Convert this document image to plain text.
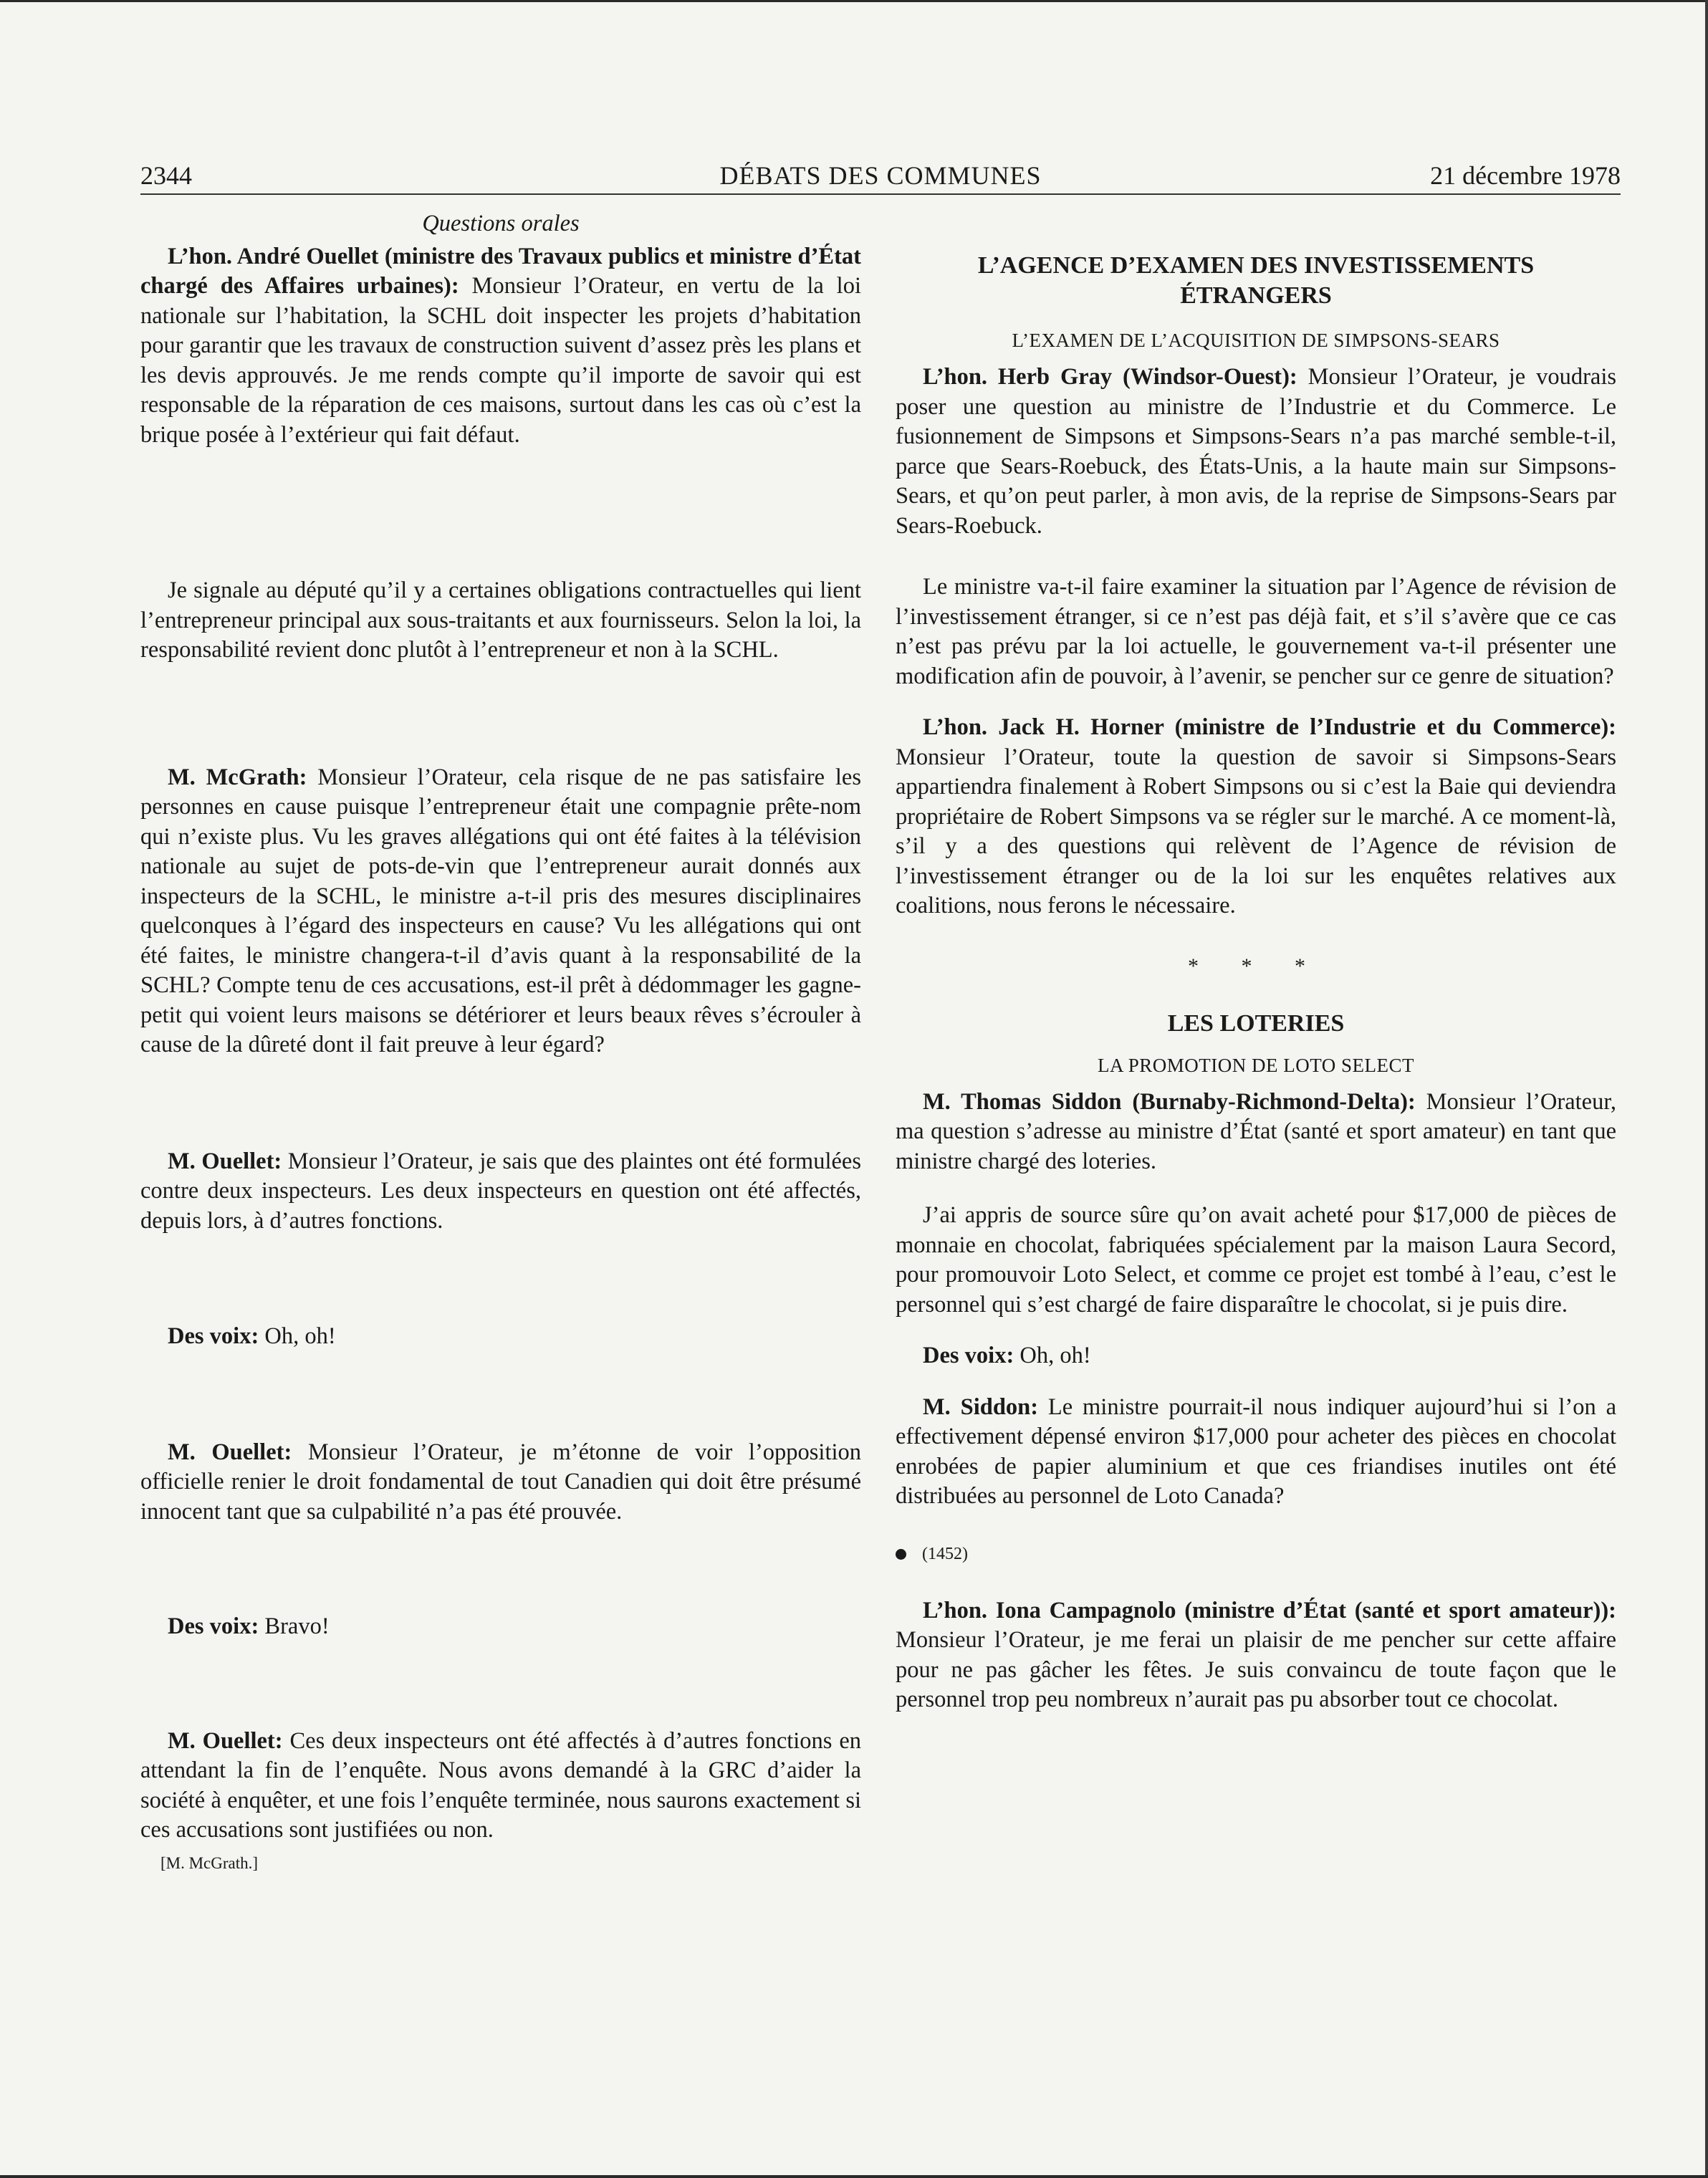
2344	DÉBATS DES COMMUNES	21 décembre 1978
Questions orales

L’hon. André Ouellet (ministre des Travaux publics et ministre d’État chargé des Affaires urbaines): Monsieur l’Orateur, en vertu de la loi nationale sur l’habitation, la SCHL doit inspecter les projets d’habitation pour garantir que les travaux de construction suivent d’assez près les plans et les devis approuvés. Je me rends compte qu’il importe de savoir qui est responsable de la réparation de ces maisons, surtout dans les cas où c’est la brique posée à l’extérieur qui fait défaut.

Je signale au député qu’il y a certaines obligations contractuelles qui lient l’entrepreneur principal aux sous-traitants et aux fournisseurs. Selon la loi, la responsabilité revient donc plutôt à l’entrepreneur et non à la SCHL.

M. McGrath: Monsieur l’Orateur, cela risque de ne pas satisfaire les personnes en cause puisque l’entrepreneur était une compagnie prête-nom qui n’existe plus. Vu les graves allégations qui ont été faites à la télévision nationale au sujet de pots-de-vin que l’entrepreneur aurait donnés aux inspecteurs de la SCHL, le ministre a-t-il pris des mesures disciplinaires quelconques à l’égard des inspecteurs en cause? Vu les allégations qui ont été faites, le ministre changera-t-il d’avis quant à la responsabilité de la SCHL? Compte tenu de ces accusations, est-il prêt à dédommager les gagne-petit qui voient leurs maisons se détériorer et leurs beaux rêves s’écrouler à cause de la dûreté dont il fait preuve à leur égard?

M. Ouellet: Monsieur l’Orateur, je sais que des plaintes ont été formulées contre deux inspecteurs. Les deux inspecteurs en question ont été affectés, depuis lors, à d’autres fonctions.

Des voix: Oh, oh!

M. Ouellet: Monsieur l’Orateur, je m’étonne de voir l’opposition officielle renier le droit fondamental de tout Canadien qui doit être présumé innocent tant que sa culpabilité n’a pas été prouvée.

Des voix: Bravo!

M. Ouellet: Ces deux inspecteurs ont été affectés à d’autres fonctions en attendant la fin de l’enquête. Nous avons demandé à la GRC d’aider la société à enquêter, et une fois l’enquête terminée, nous saurons exactement si ces accusations sont justifiées ou non.

[M. McGrath.]
L’AGENCE D’EXAMEN DES INVESTISSEMENTS ÉTRANGERS
L’EXAMEN DE L’ACQUISITION DE SIMPSONS-SEARS

L’hon. Herb Gray (Windsor-Ouest): Monsieur l’Orateur, je voudrais poser une question au ministre de l’Industrie et du Commerce. Le fusionnement de Simpsons et Simpsons-Sears n’a pas marché semble-t-il, parce que Sears-Roebuck, des États-Unis, a la haute main sur Simpsons-Sears, et qu’on peut parler, à mon avis, de la reprise de Simpsons-Sears par Sears-Roebuck.

Le ministre va-t-il faire examiner la situation par l’Agence de révision de l’investissement étranger, si ce n’est pas déjà fait, et s’il s’avère que ce cas n’est pas prévu par la loi actuelle, le gouvernement va-t-il présenter une modification afin de pouvoir, à l’avenir, se pencher sur ce genre de situation?

L’hon. Jack H. Horner (ministre de l’Industrie et du Commerce): Monsieur l’Orateur, toute la question de savoir si Simpsons-Sears appartiendra finalement à Robert Simpsons ou si c’est la Baie qui deviendra propriétaire de Robert Simpsons va se régler sur le marché. A ce moment-là, s’il y a des questions qui relèvent de l’Agence de révision de l’investissement étranger ou de la loi sur les enquêtes relatives aux coalitions, nous ferons le nécessaire.

* * *
LES LOTERIES
LA PROMOTION DE LOTO SELECT

M. Thomas Siddon (Burnaby-Richmond-Delta): Monsieur l’Orateur, ma question s’adresse au ministre d’État (santé et sport amateur) en tant que ministre chargé des loteries.

J’ai appris de source sûre qu’on avait acheté pour $17,000 de pièces de monnaie en chocolat, fabriquées spécialement par la maison Laura Secord, pour promouvoir Loto Select, et comme ce projet est tombé à l’eau, c’est le personnel qui s’est chargé de faire disparaître le chocolat, si je puis dire.

Des voix: Oh, oh!

M. Siddon: Le ministre pourrait-il nous indiquer aujourd’hui si l’on a effectivement dépensé environ $17,000 pour acheter des pièces en chocolat enrobées de papier aluminium et que ces friandises inutiles ont été distribuées au personnel de Loto Canada?

(1452)

L’hon. Iona Campagnolo (ministre d’État (santé et sport amateur)): Monsieur l’Orateur, je me ferai un plaisir de me pencher sur cette affaire pour ne pas gâcher les fêtes. Je suis convaincu de toute façon que le personnel trop peu nombreux n’aurait pas pu absorber tout ce chocolat.
